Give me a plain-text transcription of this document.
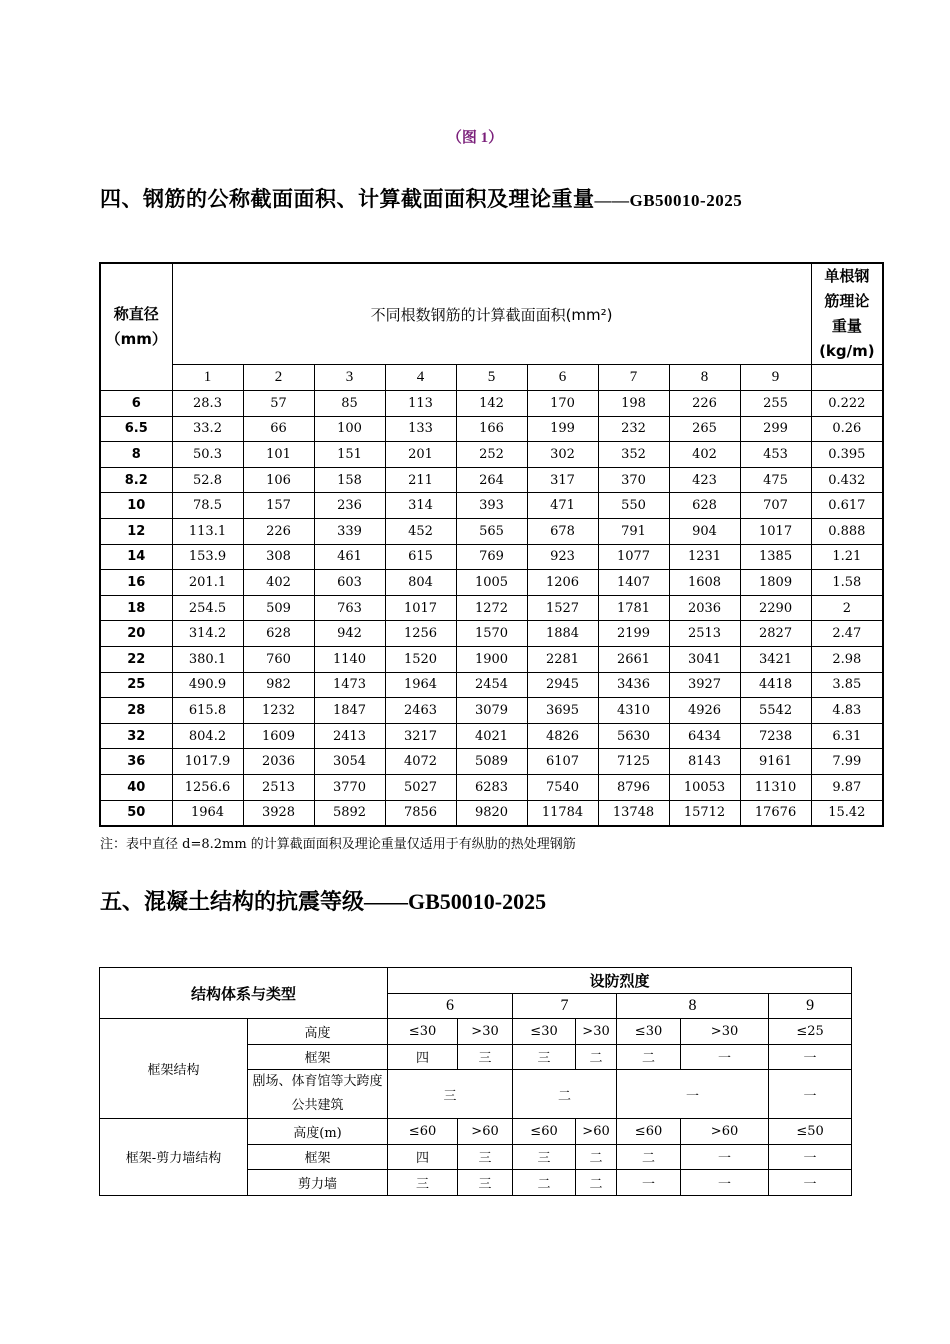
（图 1）
四、钢筋的公称截面面积、计算截面面积及理论重量——GB50010-2025
称直径
（mm）	不同根数钢筋的计算截面面积(mm²)									单根钢
筋理论
重量
(kg/m)
	1	2	3	4	5	6	7	8	9	
6	28.3	57	85	113	142	170	198	226	255	0.222
6.5	33.2	66	100	133	166	199	232	265	299	0.26
8	50.3	101	151	201	252	302	352	402	453	0.395
8.2	52.8	106	158	211	264	317	370	423	475	0.432
10	78.5	157	236	314	393	471	550	628	707	0.617
12	113.1	226	339	452	565	678	791	904	1017	0.888
14	153.9	308	461	615	769	923	1077	1231	1385	1.21
16	201.1	402	603	804	1005	1206	1407	1608	1809	1.58
18	254.5	509	763	1017	1272	1527	1781	2036	2290	2
20	314.2	628	942	1256	1570	1884	2199	2513	2827	2.47
22	380.1	760	1140	1520	1900	2281	2661	3041	3421	2.98
25	490.9	982	1473	1964	2454	2945	3436	3927	4418	3.85
28	615.8	1232	1847	2463	3079	3695	4310	4926	5542	4.83
32	804.2	1609	2413	3217	4021	4826	5630	6434	7238	6.31
36	1017.9	2036	3054	4072	5089	6107	7125	8143	9161	7.99
40	1256.6	2513	3770	5027	6283	7540	8796	10053	11310	9.87
50	1964	3928	5892	7856	9820	11784	13748	15712	17676	15.42
注：表中直径 d=8.2mm 的计算截面面积及理论重量仅适用于有纵肋的热处理钢筋
五、混凝土结构的抗震等级——GB50010-2025
结构体系与类型		设防烈度						
		6		7		8		9
框架结构	高度	≤30	>30	≤30	>30	≤30	>30	≤25
	框架	四	三	三	二	二	一	一
	剧场、体育馆等大跨度公共建筑	三		二		一		一
框架-剪力墙结构	高度(m)	≤60	>60	≤60	>60	≤60	>60	≤50
	框架	四	三	三	二	二	一	一
	剪力墙	三	三	二	二	一	一	一
